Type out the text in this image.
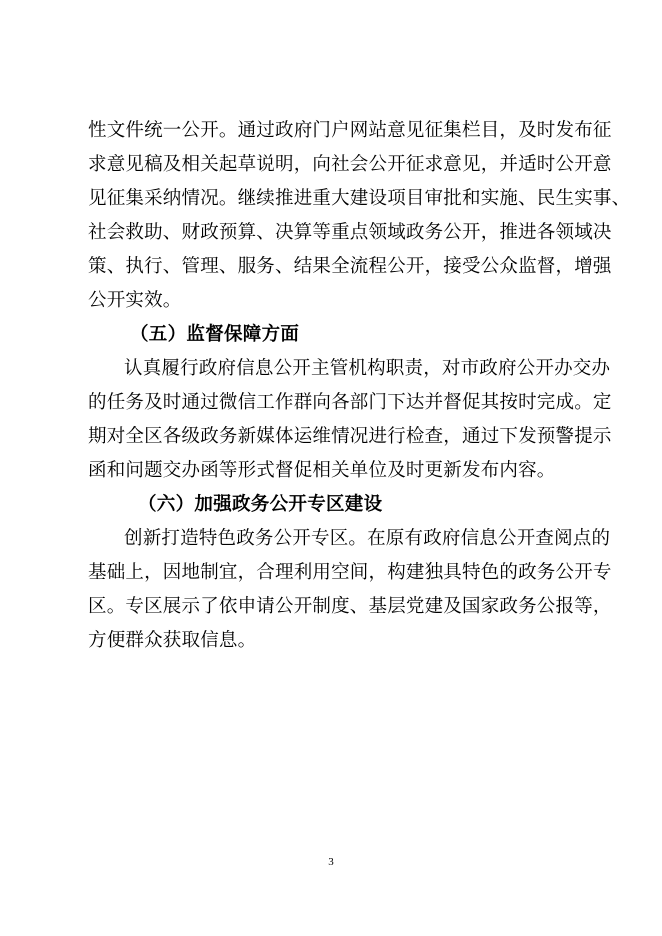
性文件统一公开。通过政府门户网站意见征集栏目，及时发布征
求意见稿及相关起草说明，向社会公开征求意见，并适时公开意
见征集采纳情况。继续推进重大建设项目审批和实施、民生实事、
社会救助、财政预算、决算等重点领域政务公开，推进各领域决
策、执行、管理、服务、结果全流程公开，接受公众监督，增强
公开实效。
（五）监督保障方面
认真履行政府信息公开主管机构职责，对市政府公开办交办
的任务及时通过微信工作群向各部门下达并督促其按时完成。定
期对全区各级政务新媒体运维情况进行检查，通过下发预警提示
函和问题交办函等形式督促相关单位及时更新发布内容。
（六）加强政务公开专区建设
创新打造特色政务公开专区。在原有政府信息公开查阅点的
基础上，因地制宜，合理利用空间，构建独具特色的政务公开专
区。专区展示了依申请公开制度、基层党建及国家政务公报等，
方便群众获取信息。
3
